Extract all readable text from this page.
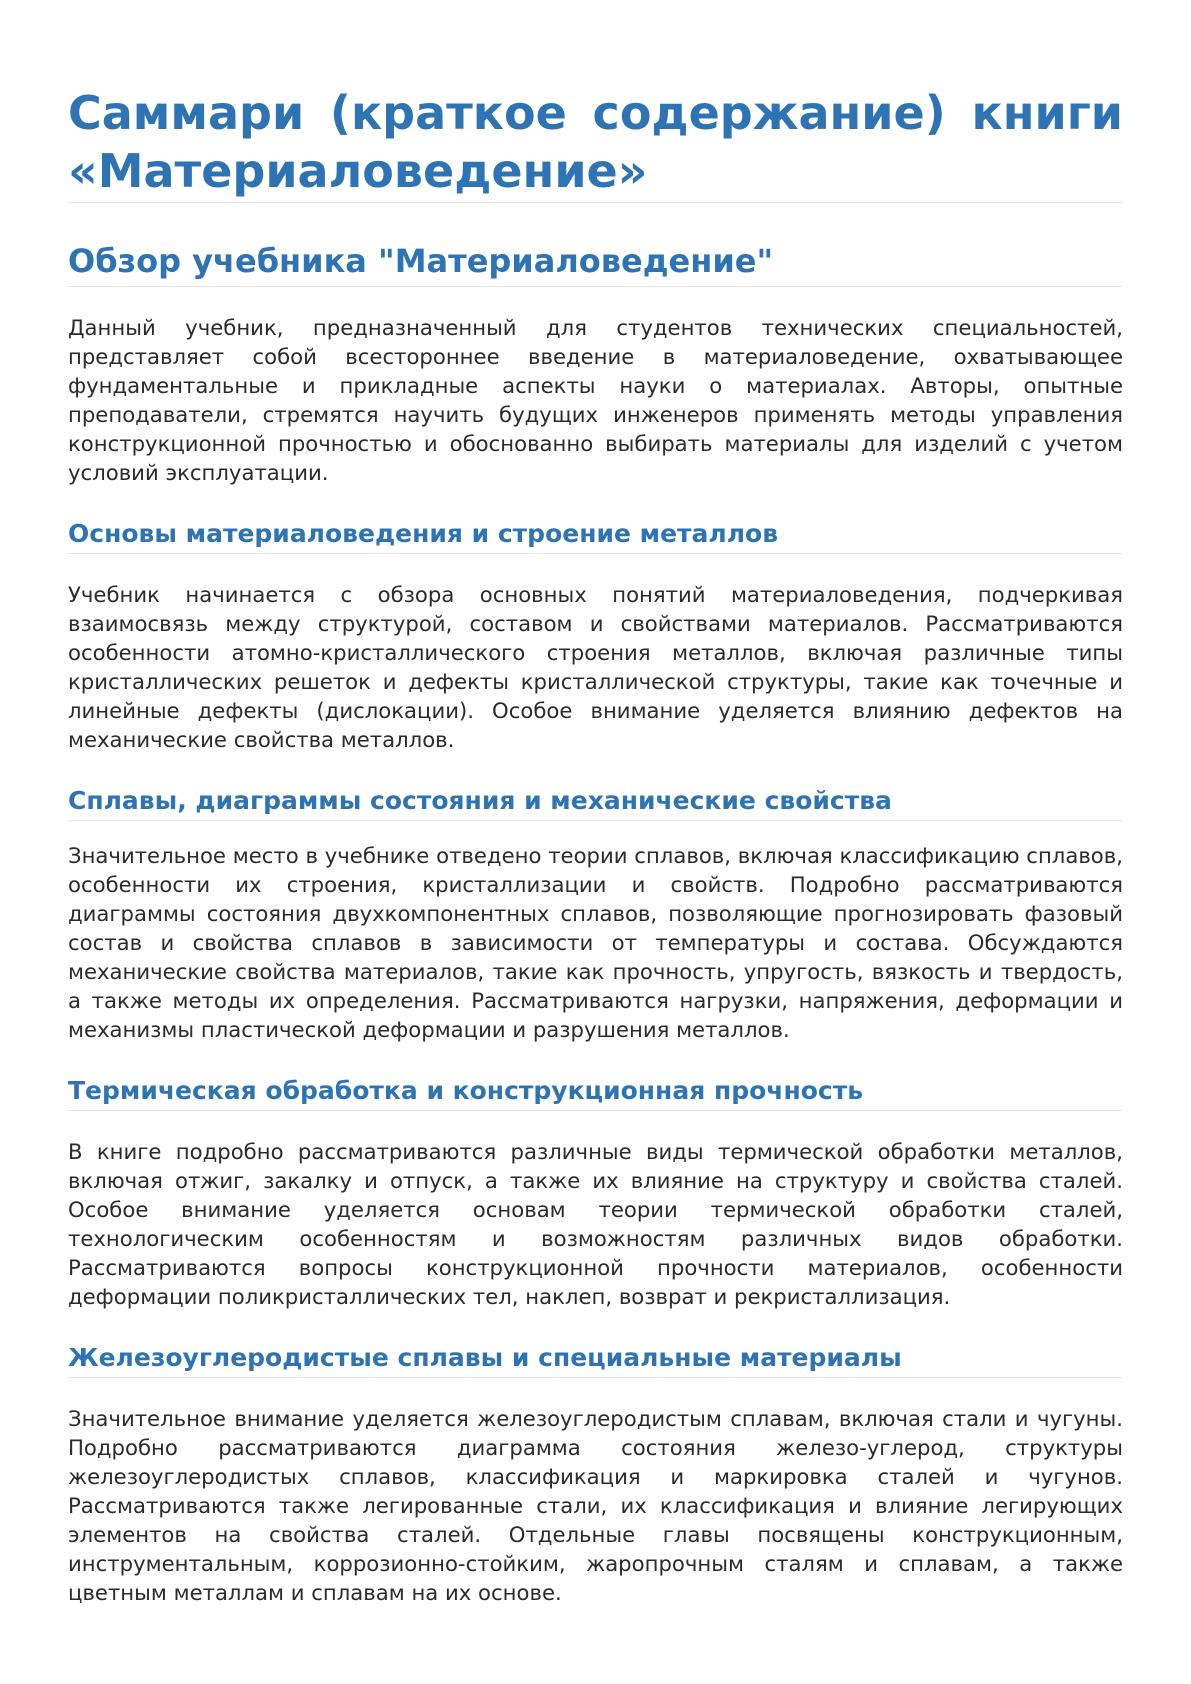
Саммари (краткое содержание) книги
«Материаловедение»
Обзор учебника "Материаловедение"

Данный учебник, предназначенный для студентов технических специальностей, представляет собой всестороннее введение в материаловедение, охватывающее фундаментальные и прикладные аспекты науки о материалах. Авторы, опытные преподаватели, стремятся научить будущих инженеров применять методы управления конструкционной прочностью и обоснованно выбирать материалы для изделий с учетом условий эксплуатации.

Основы материаловедения и строение металлов

Учебник начинается с обзора основных понятий материаловедения, подчеркивая взаимосвязь между структурой, составом и свойствами материалов. Рассматриваются особенности атомно-кристаллического строения металлов, включая различные типы кристаллических решеток и дефекты кристаллической структуры, такие как точечные и линейные дефекты (дислокации). Особое внимание уделяется влиянию дефектов на механические свойства металлов.

Сплавы, диаграммы состояния и механические свойства

Значительное место в учебнике отведено теории сплавов, включая классификацию сплавов, особенности их строения, кристаллизации и свойств. Подробно рассматриваются диаграммы состояния двухкомпонентных сплавов, позволяющие прогнозировать фазовый состав и свойства сплавов в зависимости от температуры и состава. Обсуждаются механические свойства материалов, такие как прочность, упругость, вязкость и твердость, а также методы их определения. Рассматриваются нагрузки, напряжения, деформации и механизмы пластической деформации и разрушения металлов.

Термическая обработка и конструкционная прочность

В книге подробно рассматриваются различные виды термической обработки металлов, включая отжиг, закалку и отпуск, а также их влияние на структуру и свойства сталей. Особое внимание уделяется основам теории термической обработки сталей, технологическим особенностям и возможностям различных видов обработки. Рассматриваются вопросы конструкционной прочности материалов, особенности деформации поликристаллических тел, наклеп, возврат и рекристаллизация.

Железоуглеродистые сплавы и специальные материалы

Значительное внимание уделяется железоуглеродистым сплавам, включая стали и чугуны. Подробно рассматриваются диаграмма состояния железо-углерод, структуры железоуглеродистых сплавов, классификация и маркировка сталей и чугунов. Рассматриваются также легированные стали, их классификация и влияние легирующих элементов на свойства сталей. Отдельные главы посвящены конструкционным, инструментальным, коррозионно-стойким, жаропрочным сталям и сплавам, а также цветным металлам и сплавам на их основе.
